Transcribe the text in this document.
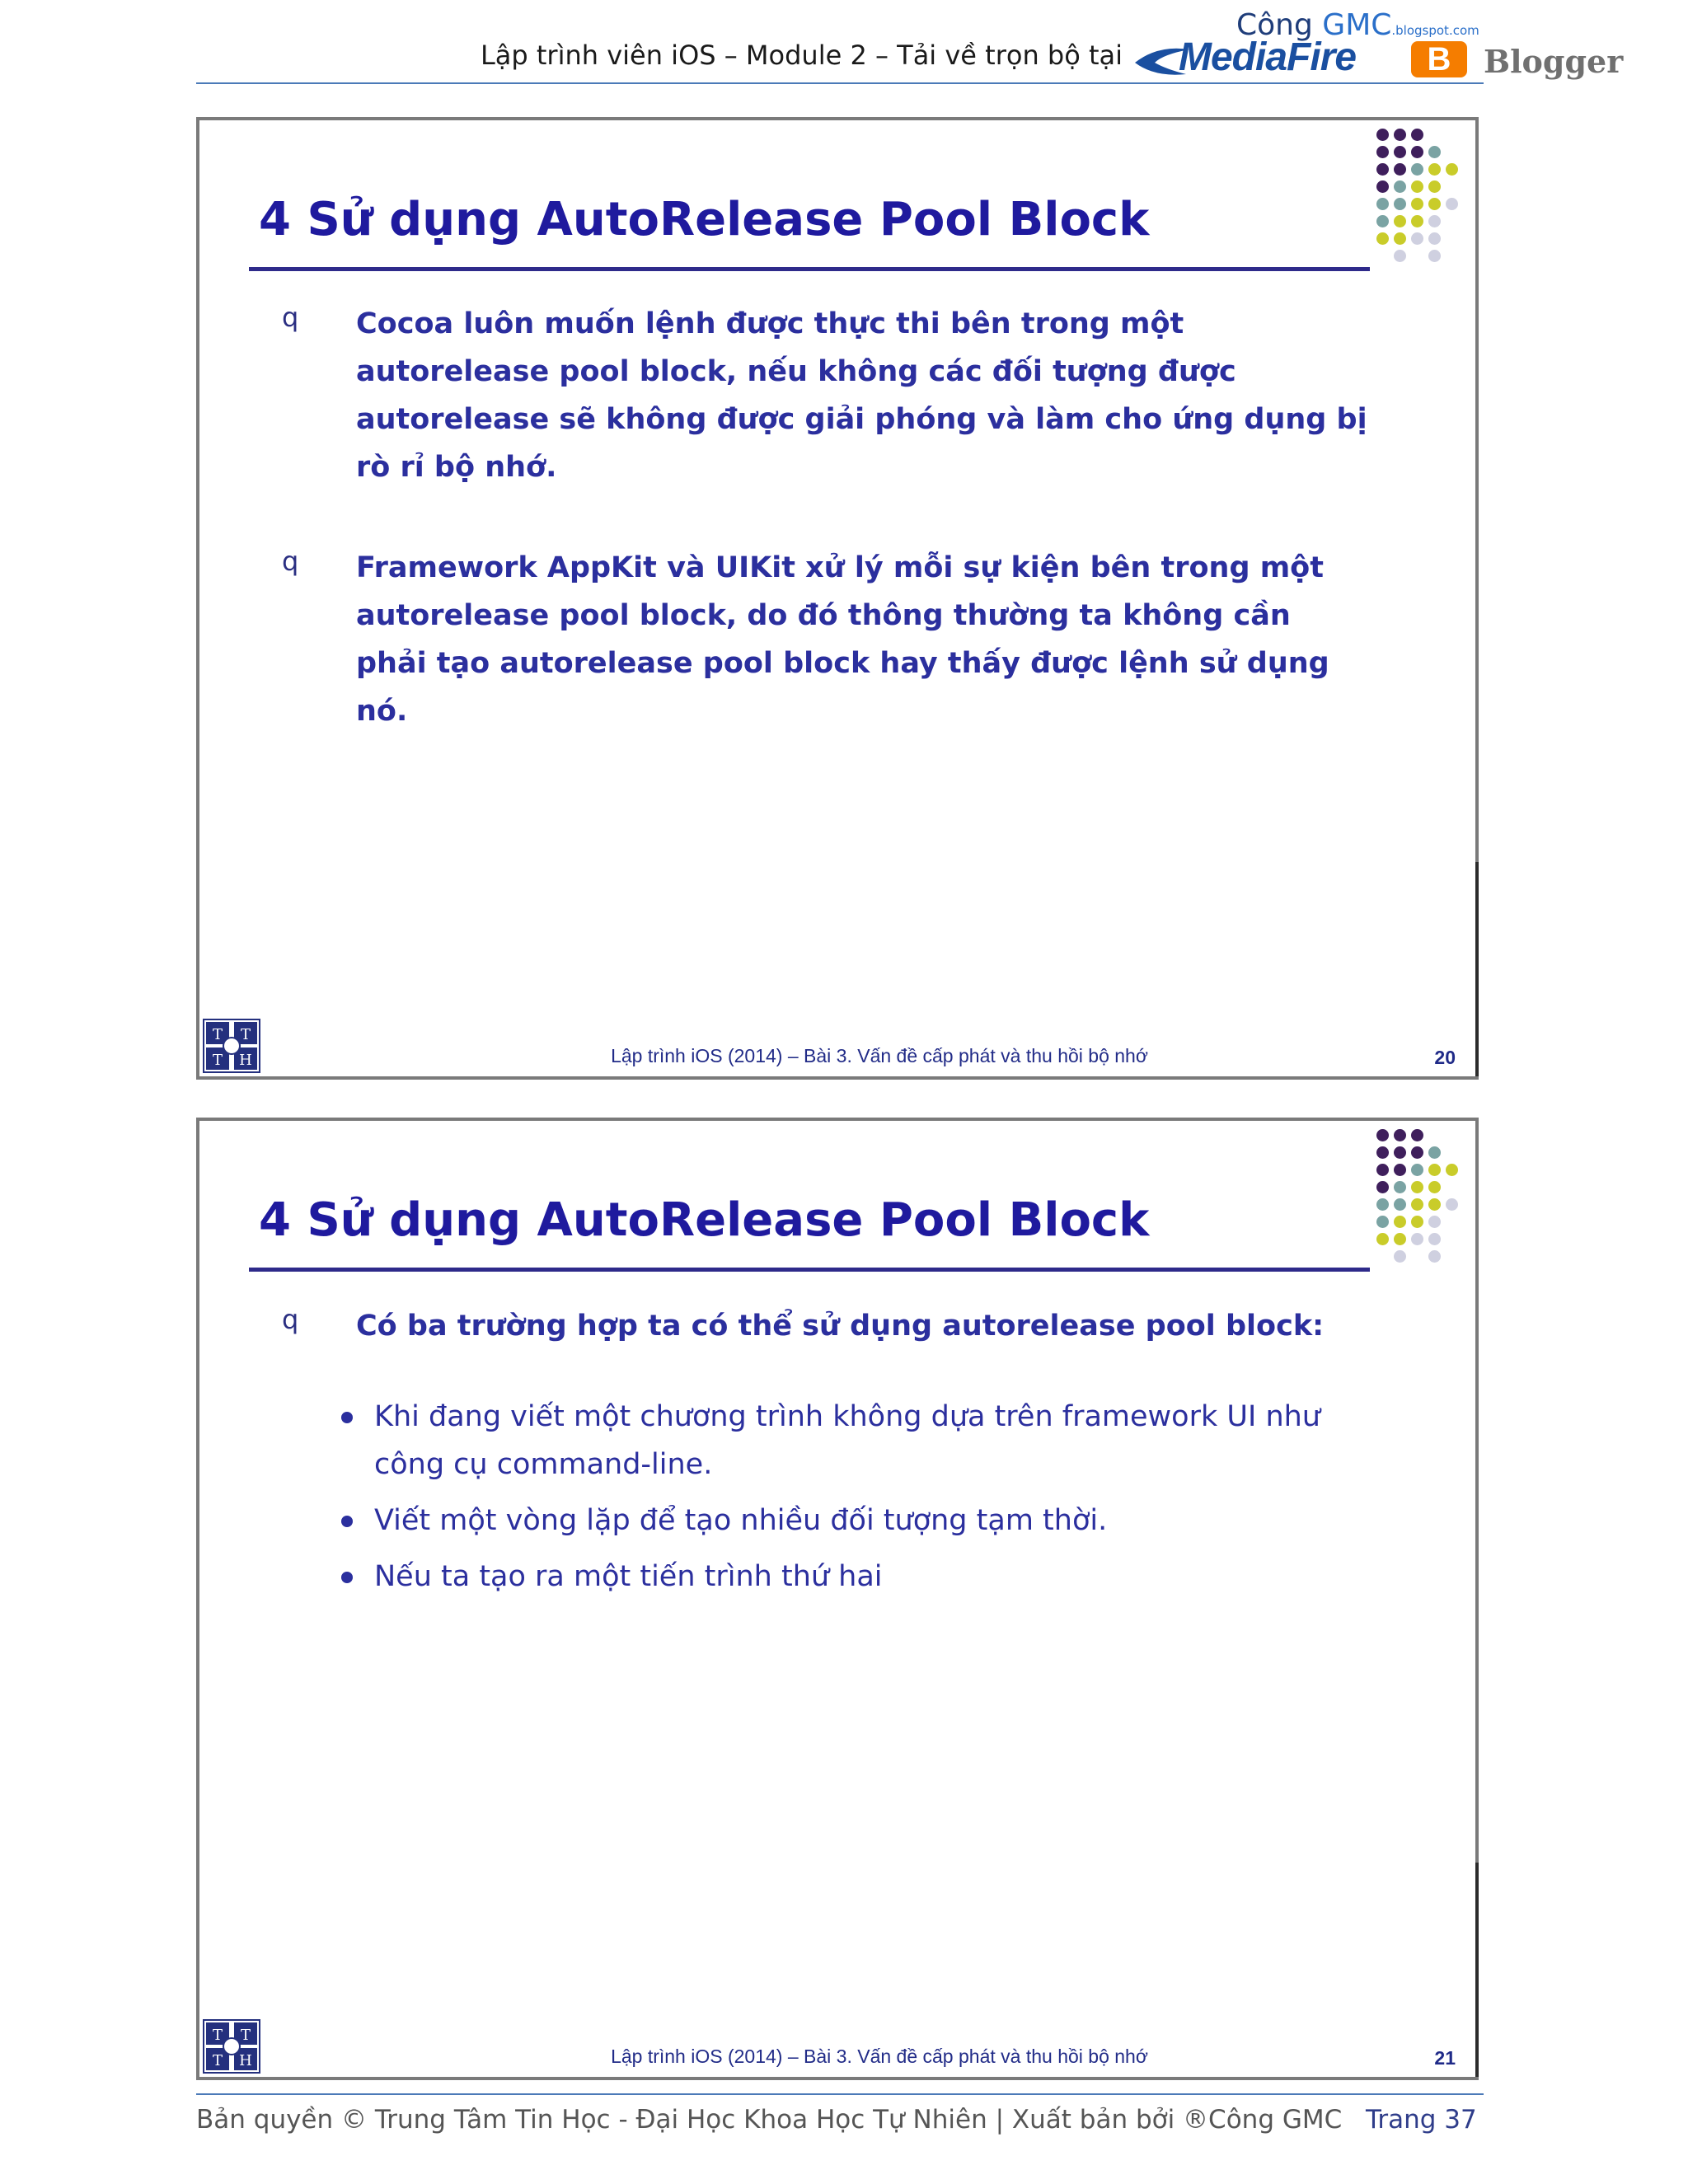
Lập trình viên iOS – Module 2 – Tải về trọn bộ tại
Công GMC.blogspot.com
MediaFire	B	Blogger
4 Sử dụng AutoRelease Pool Block
q Cocoa luôn muốn lệnh được thực thi bên trong một autorelease pool block, nếu không các đối tượng được autorelease sẽ không được giải phóng và làm cho ứng dụng bị rò rỉ bộ nhớ.
q Framework AppKit và UIKit xử lý mỗi sự kiện bên trong một autorelease pool block, do đó thông thường ta không cần phải tạo autorelease pool block hay thấy được lệnh sử dụng nó.
T T
T H	Lập trình iOS (2014) – Bài 3. Vấn đề cấp phát và thu hồi bộ nhớ	20
4 Sử dụng AutoRelease Pool Block
q Có ba trường hợp ta có thể sử dụng autorelease pool block:
Khi đang viết một chương trình không dựa trên framework UI như công cụ command-line.
Viết một vòng lặp để tạo nhiều đối tượng tạm thời.
Nếu ta tạo ra một tiến trình thứ hai
T T
T H	Lập trình iOS (2014) – Bài 3. Vấn đề cấp phát và thu hồi bộ nhớ	21
Bản quyền © Trung Tâm Tin Học - Đại Học Khoa Học Tự Nhiên | Xuất bản bởi ®Công GMC Trang 37
